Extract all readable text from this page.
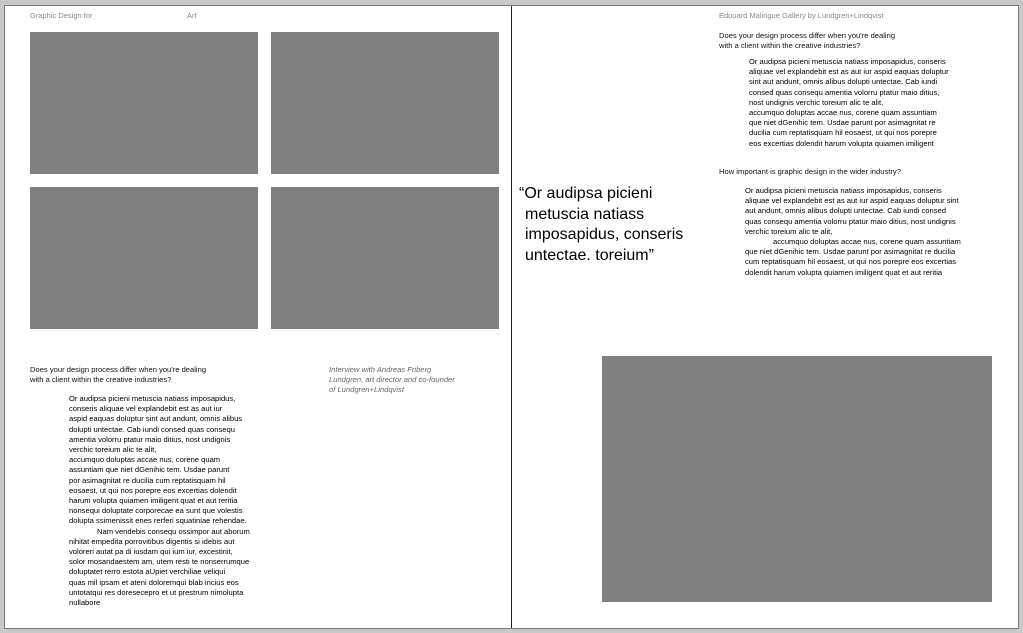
Graphic Design for	Art
Does your design process differ when you're dealing
with a client within the creative industries?
Interview with Andreas Friberg
Lundgren, art director and co-founder
of Lundgren+Lindqvist

Or audipsa picieni metuscia natiass imposapidus,
conseris aliquae vel explandebit est as aut iur
aspid eaquas doluptur sint aut andunt, omnis alibus
dolupti untectae. Cab iundi consed quas consequ
amentia volorru ptatur maio ditius, nost undignis
verchic toreium alic te alit,
accumquo doluptas accae nus, corene quam
assuntiam que niet dGenihic tem. Usdae parunt
por asimagnitat re ducilia cum reptatisquam hil
eosaest, ut qui nos porepre eos excertias dolendit
harum volupta quiamen imiligent quat et aut reritia
nonsequi doluptate corporecae ea sunt que volestis
dolupta ssimenissit enes rerferi squatiniae rehendae.

Nam vendebis consequ ossimpor aut aborum
nihitat empedita porrovitibus digentis si idebis aut
voloreri autat pa di iusdam qui ium iur, excestinit,
solor mosandaestem am, utem resti te nonserrumque
doluptatet rerro estota aUpiet verchiliae veliqui
quas mil ipsam et ateni doloremqui blab incius eos
untotatqui res doresecepro et ut prestrum nimolupta
nullabore

Edouard Malingue Gallery by Lundgren+Lindqvist
Does your design process differ when you're dealing
with a client within the creative industries?
Or audipsa picieni metuscia natiass imposapidus, conseris
aliquae vel explandebit est as aut iur aspid eaquas doluptur
sint aut andunt, omnis alibus dolupti untectae. Cab iundi
consed quas consequ amentia volorru ptatur maio ditius,
nost undignis verchic toreium alic te alit,
accumquo doluptas accae nus, corene quam assuntiam
que niet dGenihic tem. Usdae parunt por asimagnitat re
ducilia cum reptatisquam hil eosaest, ut qui nos porepre
eos excertias dolendit harum volupta quiamen imiligent
How important is graphic design in the wider industry?
“Or audipsa picieni
metuscia natiass
imposapidus, conseris
untectae. toreium”
Or audipsa picieni metuscia natiass imposapidus, conseris
aliquae vel explandebit est as aut iur aspid eaquas doluptur sint
aut andunt, omnis alibus dolupti untectae. Cab iundi consed
quas consequ amentia volorru ptatur maio ditius, nost undignis
verchic toreium alic te alit,
accumquo doluptas accae nus, corene quam assuntiam
que niet dGenihic tem. Usdae parunt por asimagnitat re ducilia
cum reptatisquam hil eosaest, ut qui nos porepre eos excertias
dolendit harum volupta quiamen imiligent quat et aut reritia
